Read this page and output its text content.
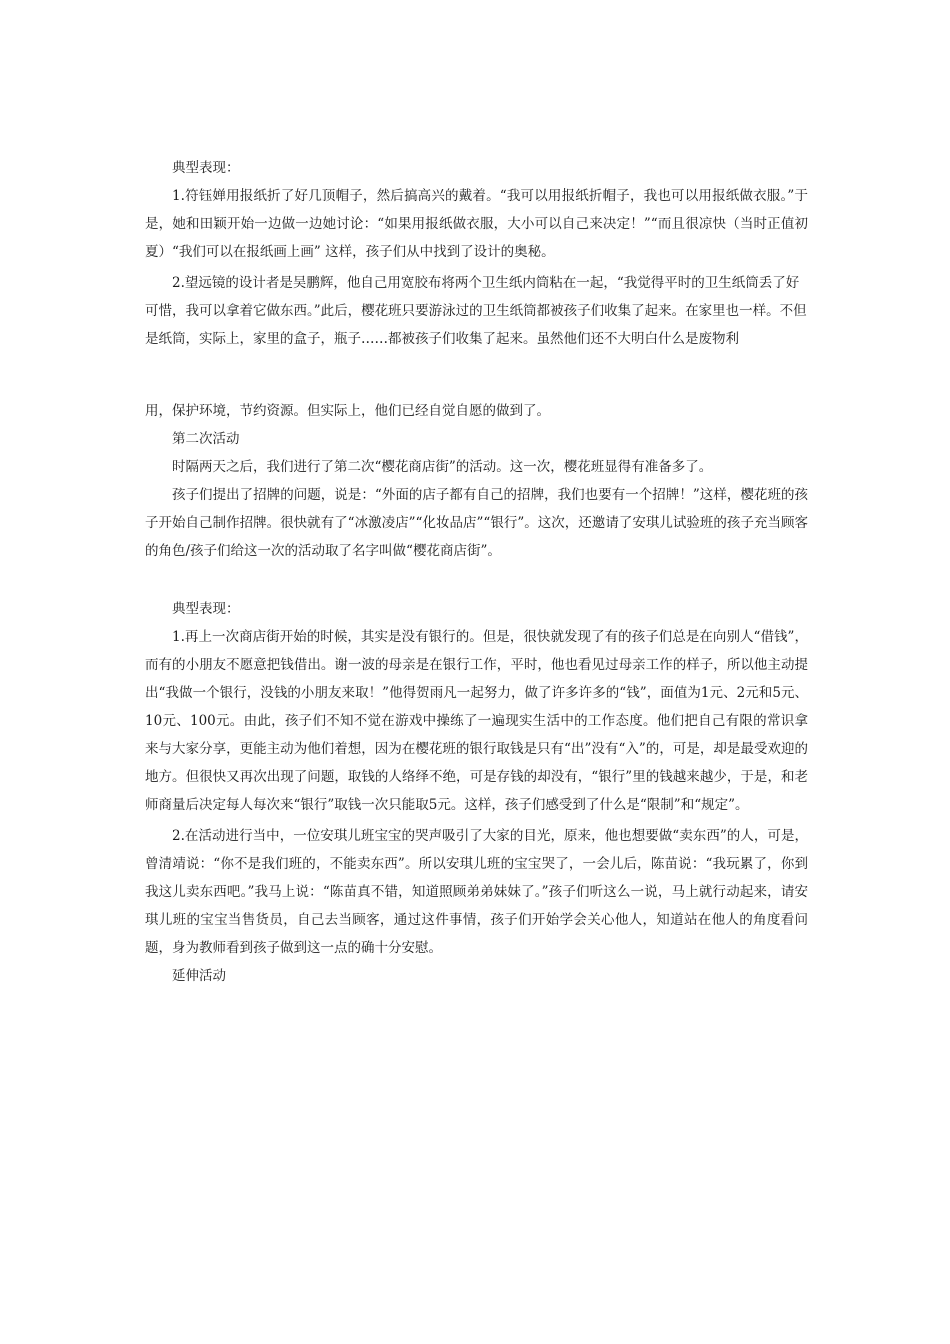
典型表现：

1.符钰婵用报纸折了好几顶帽子，然后搞高兴的戴着。“我可以用报纸折帽子，我也可以用报纸做衣服。”于是，她和田颖开始一边做一边她讨论：“如果用报纸做衣服，大小可以自己来决定！”“而且很凉快（当时正值初夏）“我们可以在报纸画上画” 这样，孩子们从中找到了设计的奥秘。

2.望远镜的设计者是吴鹏辉，他自己用宽胶布将两个卫生纸内筒粘在一起，“我觉得平时的卫生纸筒丢了好可惜，我可以拿着它做东西。”此后，樱花班只要游泳过的卫生纸筒都被孩子们收集了起来。在家里也一样。不但是纸筒，实际上，家里的盒子，瓶子……都被孩子们收集了起来。虽然他们还不大明白什么是废物利

用，保护环境，节约资源。但实际上，他们已经自觉自愿的做到了。

第二次活动

时隔两天之后，我们进行了第二次“樱花商店街”的活动。这一次，樱花班显得有准备多了。

孩子们提出了招牌的问题，说是：“外面的店子都有自己的招牌，我们也要有一个招牌！”这样，樱花班的孩子开始自己制作招牌。很快就有了“冰激凌店”“化妆品店”“银行”。这次，还邀请了安琪儿试验班的孩子充当顾客的角色/孩子们给这一次的活动取了名字叫做“樱花商店街”。

典型表现：

1.再上一次商店街开始的时候，其实是没有银行的。但是，很快就发现了有的孩子们总是在向别人“借钱”，而有的小朋友不愿意把钱借出。谢一波的母亲是在银行工作，平时，他也看见过母亲工作的样子，所以他主动提出“我做一个银行，没钱的小朋友来取！”他得贺雨凡一起努力，做了许多许多的“钱”，面值为1元、2元和5元、10元、100元。由此，孩子们不知不觉在游戏中操练了一遍现实生活中的工作态度。他们把自己有限的常识拿来与大家分享，更能主动为他们着想，因为在樱花班的银行取钱是只有“出”没有“入”的，可是，却是最受欢迎的地方。但很快又再次出现了问题，取钱的人络绎不绝，可是存钱的却没有，“银行”里的钱越来越少，于是，和老师商量后决定每人每次来“银行”取钱一次只能取5元。这样，孩子们感受到了什么是“限制”和“规定”。

2.在活动进行当中，一位安琪儿班宝宝的哭声吸引了大家的目光，原来，他也想要做“卖东西”的人，可是，曾清靖说：“你不是我们班的，不能卖东西”。所以安琪儿班的宝宝哭了，一会儿后，陈苗说：“我玩累了，你到我这儿卖东西吧。”我马上说：“陈苗真不错，知道照顾弟弟妹妹了。”孩子们听这么一说，马上就行动起来，请安琪儿班的宝宝当售货员，自己去当顾客，通过这件事情，孩子们开始学会关心他人，知道站在他人的角度看问题，身为教师看到孩子做到这一点的确十分安慰。

延伸活动
